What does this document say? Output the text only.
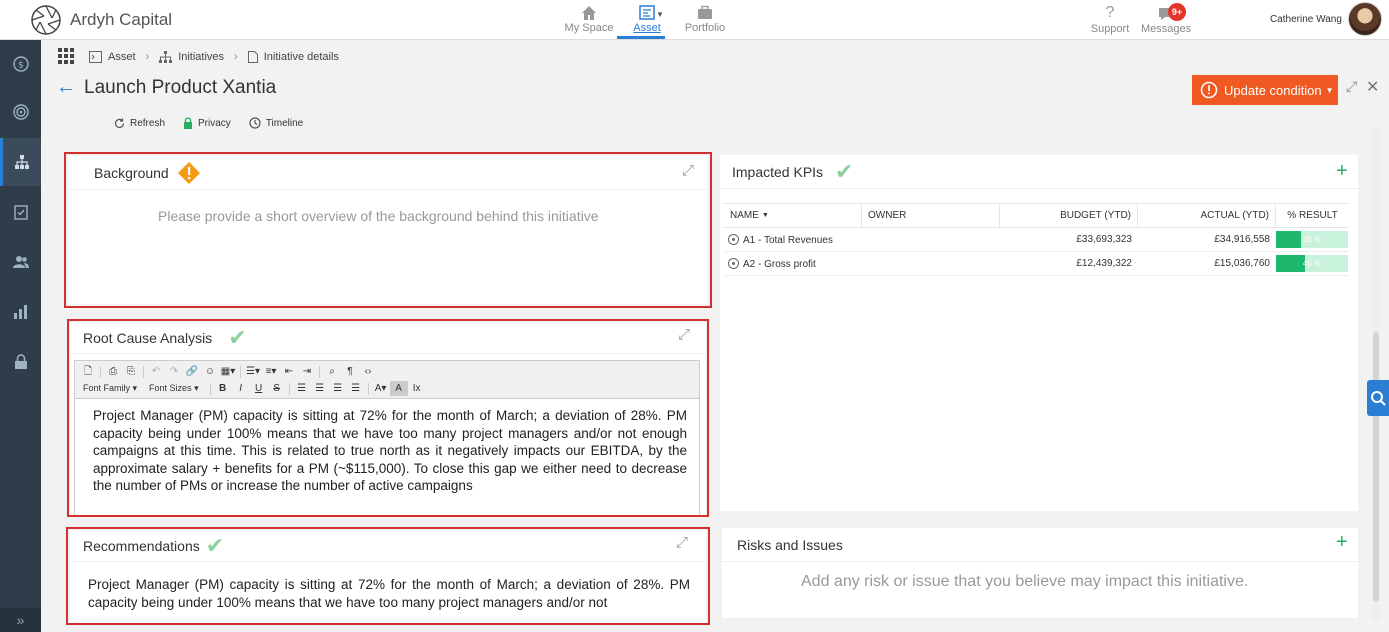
Ardyh Capital	My Space	Asset	Portfolio
▼	?
Support	Messages
9+
Catherine Wang
$
»
Asset ›	Initiatives › Initiative details
← Launch Product Xantia	Update condition ▼ ⤢ ✕
Refresh	Privacy	Timeline
Background	⤢
Please provide a short overview of the background behind this initiative
Root Cause Analysis ✔	⤢
🗋	⎙	⎘	↶ ↷ 🔗 ☺ ▦▾ ☰▾ ≡▾ ⇤ ⇥	⌕	¶	‹›
Font Family ▾	Font Sizes ▾	B	I	U	S	☰ ☰ ☰ ☰	A▾ A	Ix
Project Manager (PM) capacity is sitting at 72% for the month of March; a deviation of 28%. PM capacity being under 100% means that we have too many project managers and/or not enough campaigns at this time. This is related to true north as it negatively impacts our EBITDA, by the approximate salary + benefits for a PM (~$115,000). To close this gap we either need to decrease the number of PMs or increase the number of active campaigns
Recommendations ✔	⤢
Project Manager (PM) capacity is sitting at 72% for the month of March; a deviation of 28%. PM capacity being under 100% means that we have too many project managers and/or not
Impacted KPIs ✔	+
NAME ▼	OWNER	BUDGET (YTD)	ACTUAL (YTD)	% RESULT
A1 - Total Revenues	£33,693,323	£34,916,558	35 %
A2 - Gross profit	£12,439,322	£15,036,760	40 %
Risks and Issues	+
Add any risk or issue that you believe may impact this initiative.
